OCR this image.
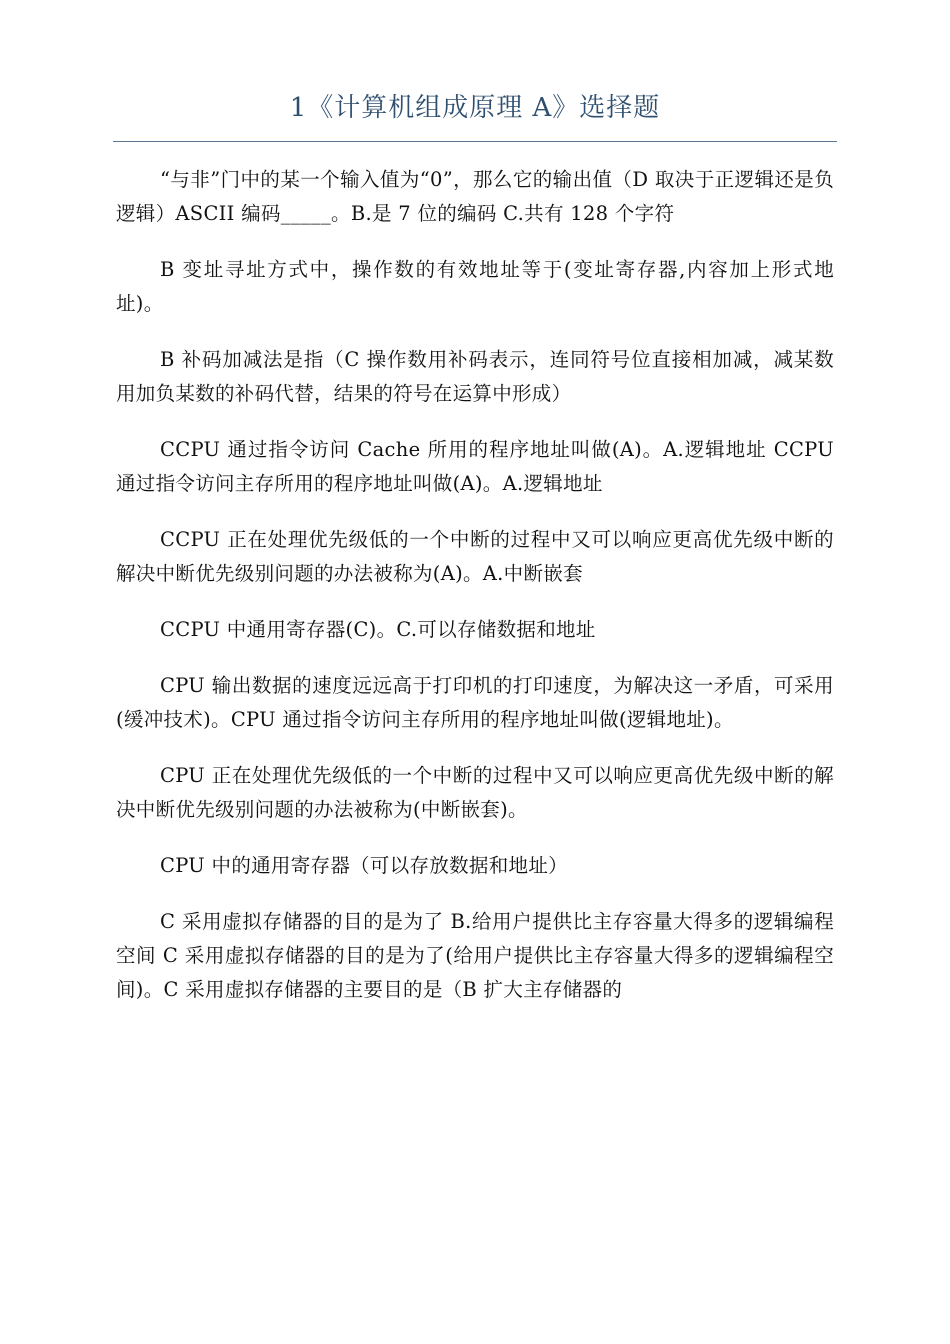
1《计算机组成原理 A》选择题

“与非”门中的某一个输入值为“0”，那么它的输出值（D 取决于正逻辑还是负逻辑）ASCII 编码_____。B.是 7 位的编码 C.共有 128 个字符

B 变址寻址方式中，操作数的有效地址等于(变址寄存器,内容加上形式地址)。

B 补码加减法是指（C 操作数用补码表示，连同符号位直接相加减，减某数用加负某数的补码代替，结果的符号在运算中形成）

CCPU 通过指令访问 Cache 所用的程序地址叫做(A)。A.逻辑地址 CCPU 通过指令访问主存所用的程序地址叫做(A)。A.逻辑地址

CCPU 正在处理优先级低的一个中断的过程中又可以响应更高优先级中断的解决中断优先级别问题的办法被称为(A)。A.中断嵌套

CCPU 中通用寄存器(C)。C.可以存储数据和地址

CPU 输出数据的速度远远高于打印机的打印速度，为解决这一矛盾，可采用(缓冲技术)。CPU 通过指令访问主存所用的程序地址叫做(逻辑地址)。

CPU 正在处理优先级低的一个中断的过程中又可以响应更高优先级中断的解决中断优先级别问题的办法被称为(中断嵌套)。

CPU 中的通用寄存器（可以存放数据和地址）

C 采用虚拟存储器的目的是为了 B.给用户提供比主存容量大得多的逻辑编程空间 C 采用虚拟存储器的目的是为了(给用户提供比主存容量大得多的逻辑编程空间)。C 采用虚拟存储器的主要目的是（B 扩大主存储器的
